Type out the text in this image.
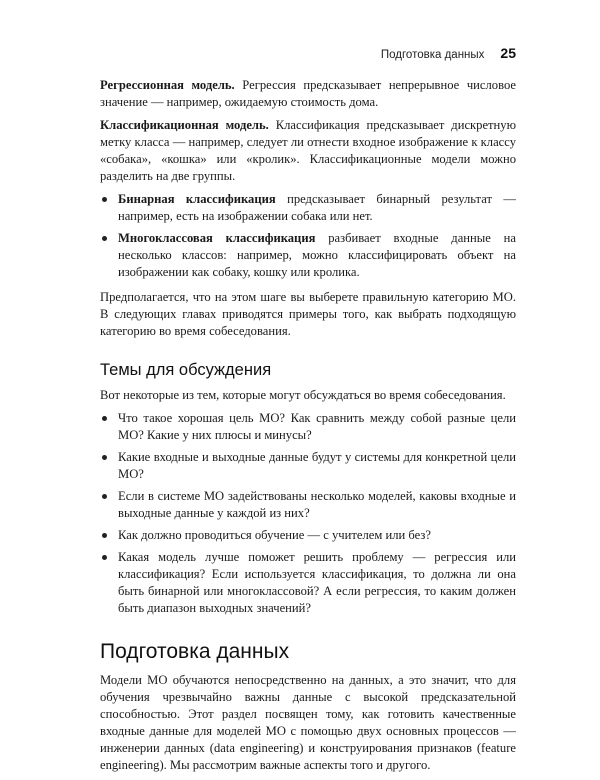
Подготовка данных 25

Регрессионная модель. Регрессия предсказывает непрерывное числовое значение — например, ожидаемую стоимость дома.

Классификационная модель. Классификация предсказывает дискретную метку класса — например, следует ли отнести входное изображение к классу «собака», «кошка» или «кролик». Классификационные модели можно разделить на две группы.

Бинарная классификация предсказывает бинарный результат — например, есть на изображении собака или нет.
Многоклассовая классификация разбивает входные данные на несколько классов: например, можно классифицировать объект на изображении как собаку, кошку или кролика.

Предполагается, что на этом шаге вы выберете правильную категорию МО. В следующих главах приводятся примеры того, как выбрать подходящую категорию во время собеседования.

Темы для обсуждения

Вот некоторые из тем, которые могут обсуждаться во время собеседования.

Что такое хорошая цель МО? Как сравнить между собой разные цели МО? Какие у них плюсы и минусы?
Какие входные и выходные данные будут у системы для конкретной цели МО?
Если в системе МО задействованы несколько моделей, каковы входные и выходные данные у каждой из них?
Как должно проводиться обучение — с учителем или без?
Какая модель лучше поможет решить проблему — регрессия или классификация? Если используется классификация, то должна ли она быть бинарной или многоклассовой? А если регрессия, то каким должен быть диапазон выходных значений?
Подготовка данных

Модели МО обучаются непосредственно на данных, а это значит, что для обучения чрезвычайно важны данные с высокой предсказательной способностью. Этот раздел посвящен тому, как готовить качественные входные данные для моделей МО с помощью двух основных процессов — инженерии данных (data engineering) и конструирования признаков (feature engineering). Мы рассмотрим важные аспекты того и другого.
